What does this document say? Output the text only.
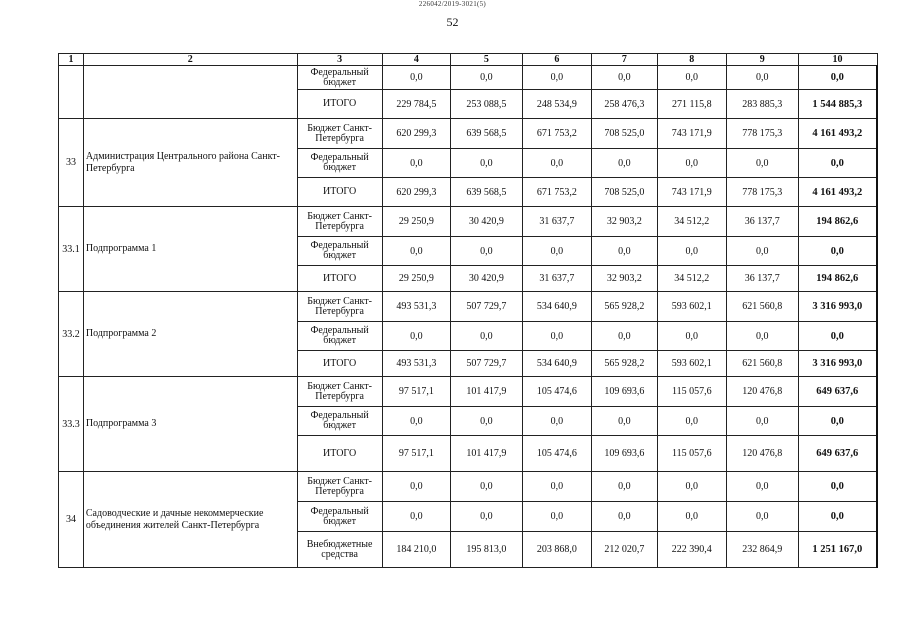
226042/2019-3021(5)
52
1	2	3	4	5	6	7	8	9	10
		Федеральный бюджет	0,0	0,0	0,0	0,0	0,0	0,0	0,0
		ИТОГО	229 784,5	253 088,5	248 534,9	258 476,3	271 115,8	283 885,3	1 544 885,3
33	Администрация Центрального района Санкт-Петербурга	Бюджет Санкт-Петербурга	620 299,3	639 568,5	671 753,2	708 525,0	743 171,9	778 175,3	4 161 493,2
		Федеральный бюджет	0,0	0,0	0,0	0,0	0,0	0,0	0,0
		ИТОГО	620 299,3	639 568,5	671 753,2	708 525,0	743 171,9	778 175,3	4 161 493,2
33.1	Подпрограмма 1	Бюджет Санкт-Петербурга	29 250,9	30 420,9	31 637,7	32 903,2	34 512,2	36 137,7	194 862,6
		Федеральный бюджет	0,0	0,0	0,0	0,0	0,0	0,0	0,0
		ИТОГО	29 250,9	30 420,9	31 637,7	32 903,2	34 512,2	36 137,7	194 862,6
33.2	Подпрограмма 2	Бюджет Санкт-Петербурга	493 531,3	507 729,7	534 640,9	565 928,2	593 602,1	621 560,8	3 316 993,0
		Федеральный бюджет	0,0	0,0	0,0	0,0	0,0	0,0	0,0
		ИТОГО	493 531,3	507 729,7	534 640,9	565 928,2	593 602,1	621 560,8	3 316 993,0
33.3	Подпрограмма 3	Бюджет Санкт-Петербурга	97 517,1	101 417,9	105 474,6	109 693,6	115 057,6	120 476,8	649 637,6
		Федеральный бюджет	0,0	0,0	0,0	0,0	0,0	0,0	0,0
		ИТОГО	97 517,1	101 417,9	105 474,6	109 693,6	115 057,6	120 476,8	649 637,6
34	Садоводческие и дачные некоммерческие объединения жителей Санкт-Петербурга	Бюджет Санкт-Петербурга	0,0	0,0	0,0	0,0	0,0	0,0	0,0
		Федеральный бюджет	0,0	0,0	0,0	0,0	0,0	0,0	0,0
		Внебюджетные средства	184 210,0	195 813,0	203 868,0	212 020,7	222 390,4	232 864,9	1 251 167,0
